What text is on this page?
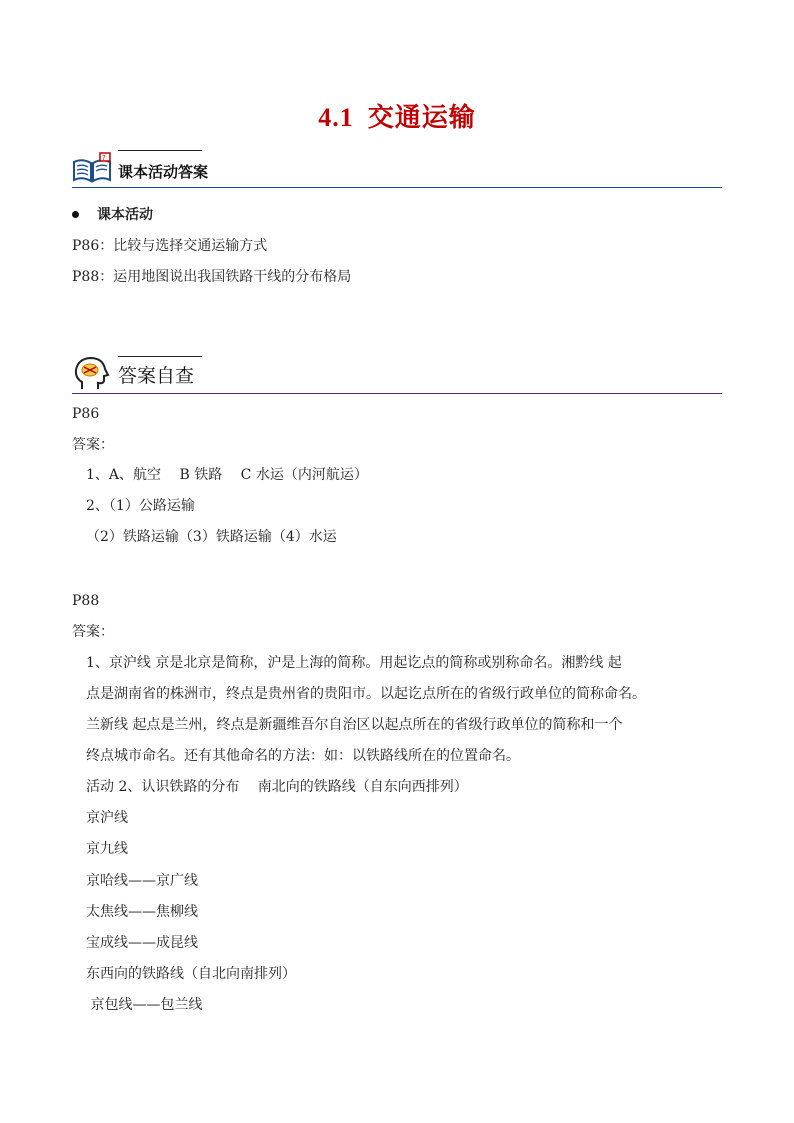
4.1 交通运输
?
课本活动答案
课本活动
P86：比较与选择交通运输方式
P88：运用地图说出我国铁路干线的分布格局
答案自查
P86
答案：
1、A、航空　 B 铁路　 C 水运（内河航运）
2、（1）公路运输
（2）铁路运输（3）铁路运输（4）水运
P88
答案：
1、京沪线 京是北京是简称，沪是上海的简称。用起讫点的简称或别称命名。湘黔线 起
点是湖南省的株洲市，终点是贵州省的贵阳市。以起讫点所在的省级行政单位的简称命名。
兰新线 起点是兰州，终点是新疆维吾尔自治区以起点所在的省级行政单位的简称和一个
终点城市命名。还有其他命名的方法：如：以铁路线所在的位置命名。
活动 2、认识铁路的分布　 南北向的铁路线（自东向西排列）
京沪线
京九线
京哈线——京广线
太焦线——焦柳线
宝成线——成昆线
东西向的铁路线（自北向南排列）
京包线——包兰线
